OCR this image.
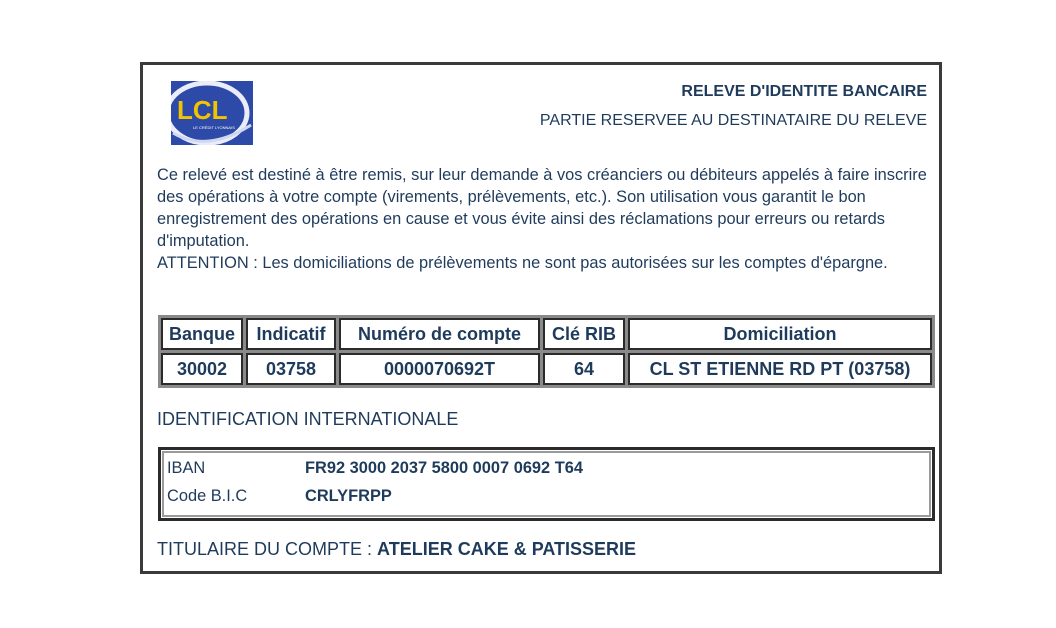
LCL
LE CRÉDIT LYONNAIS
RELEVE D'IDENTITE BANCAIRE
PARTIE RESERVEE AU DESTINATAIRE DU RELEVE

Ce relevé est destiné à être remis, sur leur demande à vos créanciers ou débiteurs appelés à faire inscrire des opérations à votre compte (virements, prélèvements, etc.). Son utilisation vous garantit le bon enregistrement des opérations en cause et vous évite ainsi des réclamations pour erreurs ou retards d'imputation.

ATTENTION : Les domiciliations de prélèvements ne sont pas autorisées sur les comptes d'épargne.

Banque	Indicatif	Numéro de compte	Clé RIB	Domiciliation
30002	03758	0000070692T	64	CL ST ETIENNE RD PT (03758)
IDENTIFICATION INTERNATIONALE
IBAN	FR92 3000 2037 5800 0007 0692 T64
Code B.I.C	CRLYFRPP
TITULAIRE DU COMPTE : ATELIER CAKE & PATISSERIE
